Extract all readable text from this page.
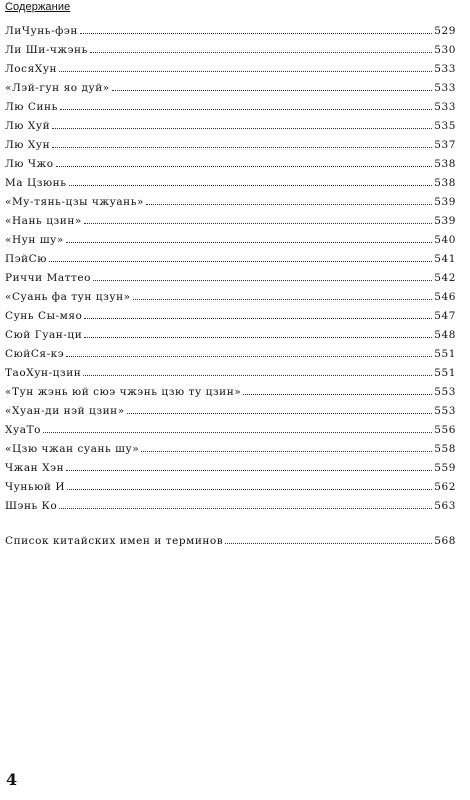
Содержание
ЛиЧунь-фэн	529
Ли Ши-чжэнь	530
ЛосяХун	533
«Лэй-гун яо дуй»	533
Лю Синь	533
Лю Хуй	535
Лю Хун	537
Лю Чжо	538
Ма Цзюнь	538
«Му-тянь-цзы чжуань»	539
«Нань цзин»	539
«Нун шу»	540
ПэйСю	541
Риччи Маттео	542
«Суань фа тун цзун»	546
Сунь Сы-мяо	547
Сюй Гуан-ци	548
СюйСя-кэ	551
ТаоХун-цзин	551
«Тун жэнь юй сюэ чжэнь цзю ту цзин»	553
«Хуан-ди нэй цзин»	553
ХуаТо	556
«Цзю чжан суань шу»	558
Чжан Хэн	559
Чуньюй И	562
Шэнь Ко	563
Список китайских имен и терминов	568
4
